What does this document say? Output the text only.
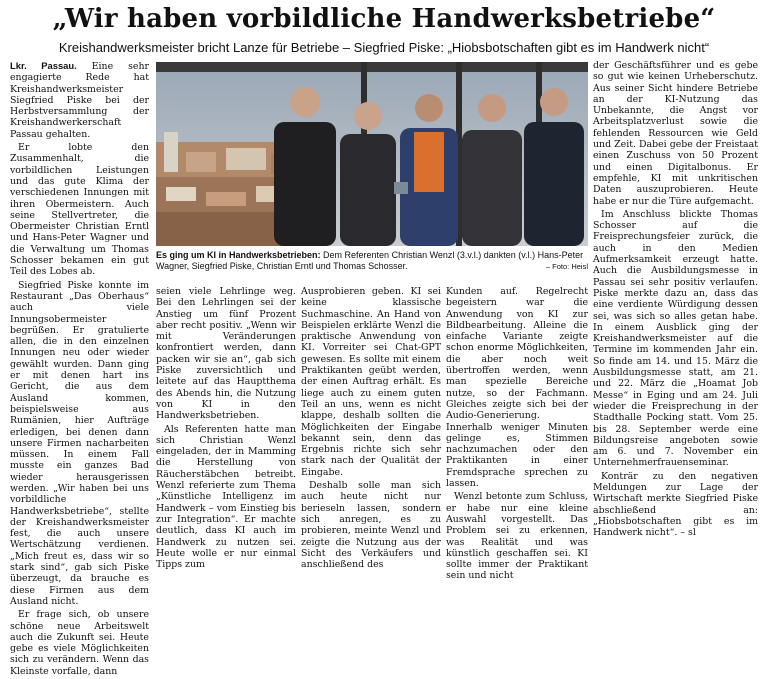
„Wir haben vorbildliche Handwerksbetriebe“
Kreishandwerksmeister bricht Lanze für Betriebe – Siegfried Piske: „Hiobsbotschaften gibt es im Handwerk nicht“

Lkr. Passau. Eine sehr engagierte Rede hat Kreishandwerksmeister Siegfried Piske bei der Herbstversammlung der Kreishandwerkerschaft Passau gehalten.

Er lobte den Zusammenhalt, die vorbildlichen Leistungen und das gute Klima der verschiedenen Innungen mit ihren Obermeistern. Auch seine Stellvertreter, die Obermeister Christian Erntl und Hans-Peter Wagner und die Verwaltung um Thomas Schosser bekamen ein gut Teil des Lobes ab.

Siegfried Piske konnte im Restaurant „Das Oberhaus“ auch viele Innungsobermeister begrüßen. Er gratulierte allen, die in den einzelnen Innungen neu oder wieder gewählt wurden. Dann ging er mit denen hart ins Gericht, die aus dem Ausland kommen, beispielsweise aus Rumänien, hier Aufträge erledigen, bei denen dann unsere Firmen nacharbeiten müssen. In einem Fall musste ein ganzes Bad wieder herausgerissen werden. „Wir haben bei uns vorbildliche Handwerksbetriebe“, stellte der Kreishandwerksmeister fest, die auch unsere Wertschätzung verdienen. „Mich freut es, dass wir so stark sind“, gab sich Piske überzeugt, da brauche es diese Firmen aus dem Ausland nicht.

Er frage sich, ob unsere schöne neue Arbeitswelt auch die Zukunft sei. Heute gebe es viele Möglichkeiten sich zu verändern. Wenn das Kleinste vorfalle, dann

Es ging um KI in Handwerksbetrieben: Dem Referenten Christian Wenzl (3.v.l.) dankten (v.l.) Hans-Peter Wagner, Siegfried Piske, Christian Erntl und Thomas Schosser.	– Foto: Heisl

seien viele Lehrlinge weg. Bei den Lehrlingen sei der Anstieg um fünf Prozent aber recht positiv. „Wenn wir mit Veränderungen konfrontiert werden, dann packen wir sie an“, gab sich Piske zuversichtlich und leitete auf das Hauptthema des Abends hin, die Nutzung von KI in den Handwerksbetrieben.

Als Referenten hatte man sich Christian Wenzl eingeladen, der in Mamming die Herstellung von Räucherstäbchen betreibt. Wenzl referierte zum Thema „Künstliche Intelligenz im Handwerk – vom Einstieg bis zur Integration“. Er machte deutlich, dass KI auch im Handwerk zu nutzen sei. Heute wolle er nur einmal Tipps zum

Ausprobieren geben. KI sei keine klassische Suchmaschine. An Hand von Beispielen erklärte Wenzl die praktische Anwendung von KI. Vorreiter sei Chat-GPT gewesen. Es sollte mit einem Praktikanten geübt werden, der einen Auftrag erhält. Es liege auch zu einem guten Teil an uns, wenn es nicht klappe, deshalb sollten die Möglichkeiten der Eingabe bekannt sein, denn das Ergebnis richte sich sehr stark nach der Qualität der Eingabe.

Deshalb solle man sich auch heute nicht nur berieseln lassen, sondern sich anregen, es zu probieren, meinte Wenzl und zeigte die Nutzung aus der Sicht des Verkäufers und anschließend des

Kunden auf. Regelrecht begeistern war die Anwendung von KI zur Bildbearbeitung. Alleine die einfache Variante zeigte schon enorme Möglichkeiten, die aber noch weit übertroffen werden, wenn man spezielle Bereiche nutze, so der Fachmann. Gleiches zeigte sich bei der Audio-Generierung. Innerhalb weniger Minuten gelinge es, Stimmen nachzumachen oder den Praktikanten in einer Fremdsprache sprechen zu lassen.

Wenzl betonte zum Schluss, er habe nur eine kleine Auswahl vorgestellt. Das Problem sei zu erkennen, was Realität und was künstlich geschaffen sei. KI sollte immer der Praktikant sein und nicht

der Geschäftsführer und es gebe so gut wie keinen Urheberschutz. Aus seiner Sicht hindere Betriebe an der KI-Nutzung das Unbekannte, die Angst vor Arbeitsplatzverlust sowie die fehlenden Ressourcen wie Geld und Zeit. Dabei gebe der Freistaat einen Zuschuss von 50 Prozent und einen Digitalbonus. Er empfehle, KI mit unkritischen Daten auszuprobieren. Heute habe er nur die Türe aufgemacht.

Im Anschluss blickte Thomas Schosser auf die Freisprechungsfeier zurück, die auch in den Medien Aufmerksamkeit erzeugt hatte. Auch die Ausbildungsmesse in Passau sei sehr positiv verlaufen. Piske merkte dazu an, dass das eine verdiente Würdigung dessen sei, was sich so alles getan habe. In einem Ausblick ging der Kreishandwerksmeister auf die Termine im kommenden Jahr ein. So finde am 14. und 15. März die Ausbildungsmesse statt, am 21. und 22. März die „Hoamat Job Messe“ in Eging und am 24. Juli wieder die Freisprechung in der Stadthalle Pocking statt. Vom 25. bis 28. September werde eine Bildungsreise angeboten sowie am 6. und 7. November ein Unternehmerfrauenseminar.

Konträr zu den negativen Meldungen zur Lage der Wirtschaft merkte Siegfried Piske abschließend an: „Hiobsbotschaften gibt es im Handwerk nicht“. – sl
